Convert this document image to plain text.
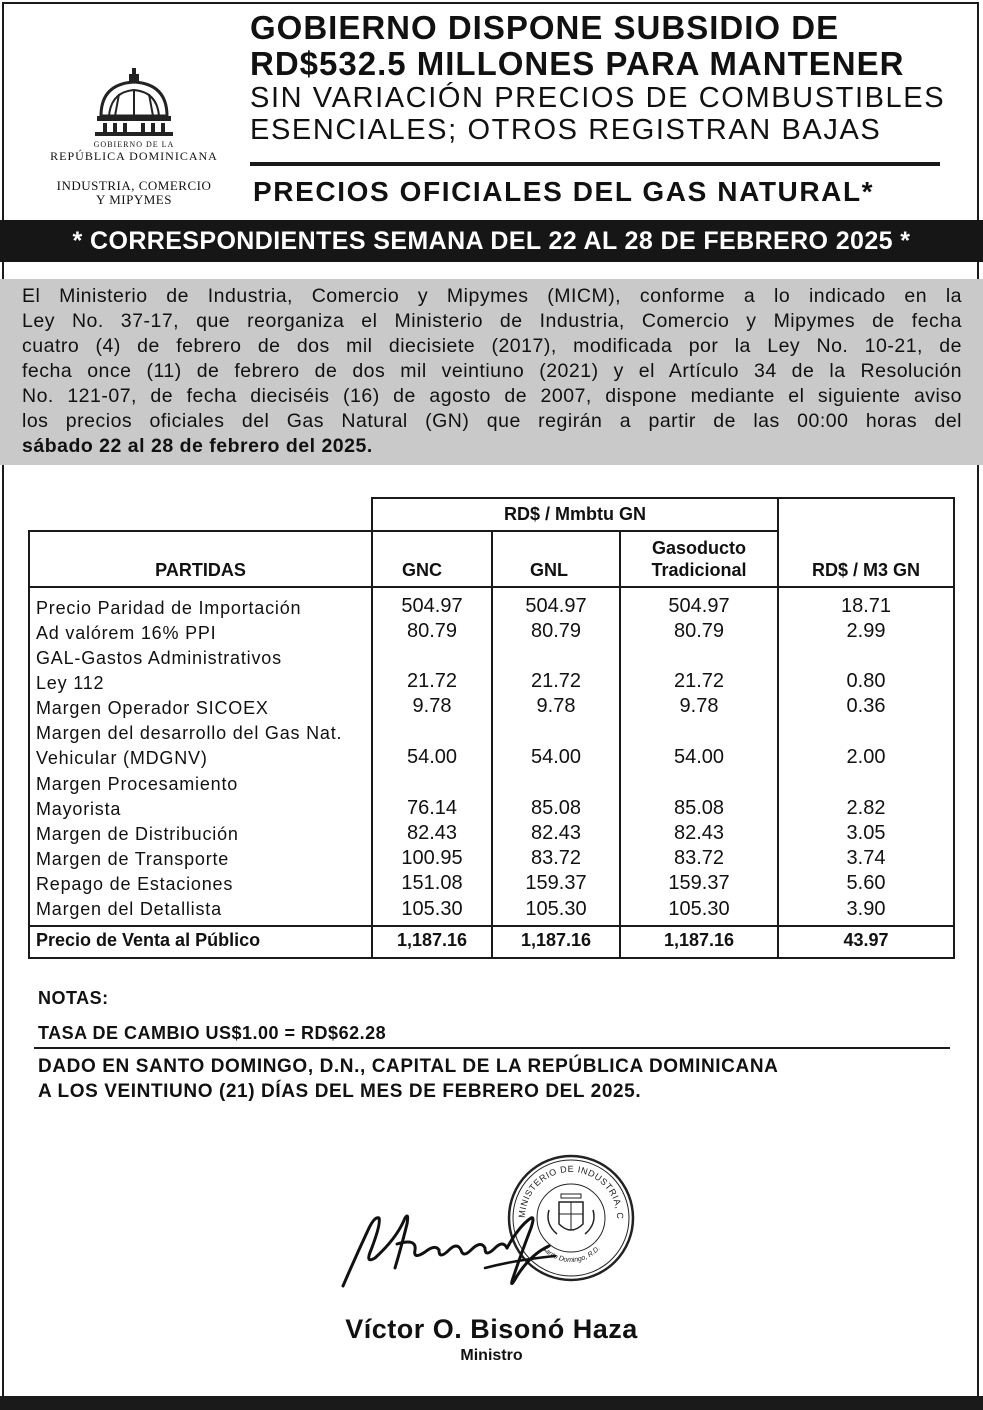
GOBIERNO DE LA
REPÚBLICA DOMINICANA
INDUSTRIA, COMERCIO
Y MIPYMES
GOBIERNO DISPONE SUBSIDIO DE
RD$532.5 MILLONES PARA MANTENER
SIN VARIACIÓN PRECIOS DE COMBUSTIBLES
ESENCIALES; OTROS REGISTRAN BAJAS
PRECIOS OFICIALES DEL GAS NATURAL*
* CORRESPONDIENTES SEMANA DEL 22 AL 28 DE FEBRERO 2025 *

El Ministerio de Industria, Comercio y Mipymes (MICM), conforme a lo indicado en la

Ley No. 37-17, que reorganiza el Ministerio de Industria, Comercio y Mipymes de fecha

cuatro (4) de febrero de dos mil diecisiete (2017), modificada por la Ley No. 10-21, de

fecha once (11) de febrero de dos mil veintiuno (2021) y el Artículo 34 de la Resolución

No. 121-07, de fecha dieciséis (16) de agosto de 2007, dispone mediante el siguiente aviso

los precios oficiales del Gas Natural (GN) que regirán a partir de las 00:00 horas del

sábado 22 al 28 de febrero del 2025.

RD$ / Mmbtu GN
PARTIDAS	GNC	GNL
Gasoducto
Tradicional	RD$ / M3 GN
Precio Paridad de Importación	504.97	504.97	504.97	18.71
Ad valórem 16% PPI	80.79	80.79	80.79	2.99
GAL-Gastos Administrativos
Ley 112	21.72	21.72	21.72	0.80
Margen Operador SICOEX	9.78	9.78	9.78	0.36
Margen del desarrollo del Gas Nat.
Vehicular (MDGNV)	54.00	54.00	54.00	2.00
Margen Procesamiento
Mayorista	76.14	85.08	85.08	2.82
Margen de Distribución	82.43	82.43	82.43	3.05
Margen de Transporte	100.95	83.72	83.72	3.74
Repago de Estaciones	151.08	159.37	159.37	5.60
Margen del Detallista	105.30	105.30	105.30	3.90
Precio de Venta al Público	1,187.16	1,187.16	1,187.16	43.97
NOTAS:
TASA DE CAMBIO US$1.00 = RD$62.28
DADO EN SANTO DOMINGO, D.N., CAPITAL DE LA REPÚBLICA DOMINICANA
A LOS VEINTIUNO (21) DÍAS DEL MES DE FEBRERO DEL 2025.
MINISTERIO DE INDUSTRIA, C
Santo Domingo, R.D.
Víctor O. Bisonó Haza
Ministro
